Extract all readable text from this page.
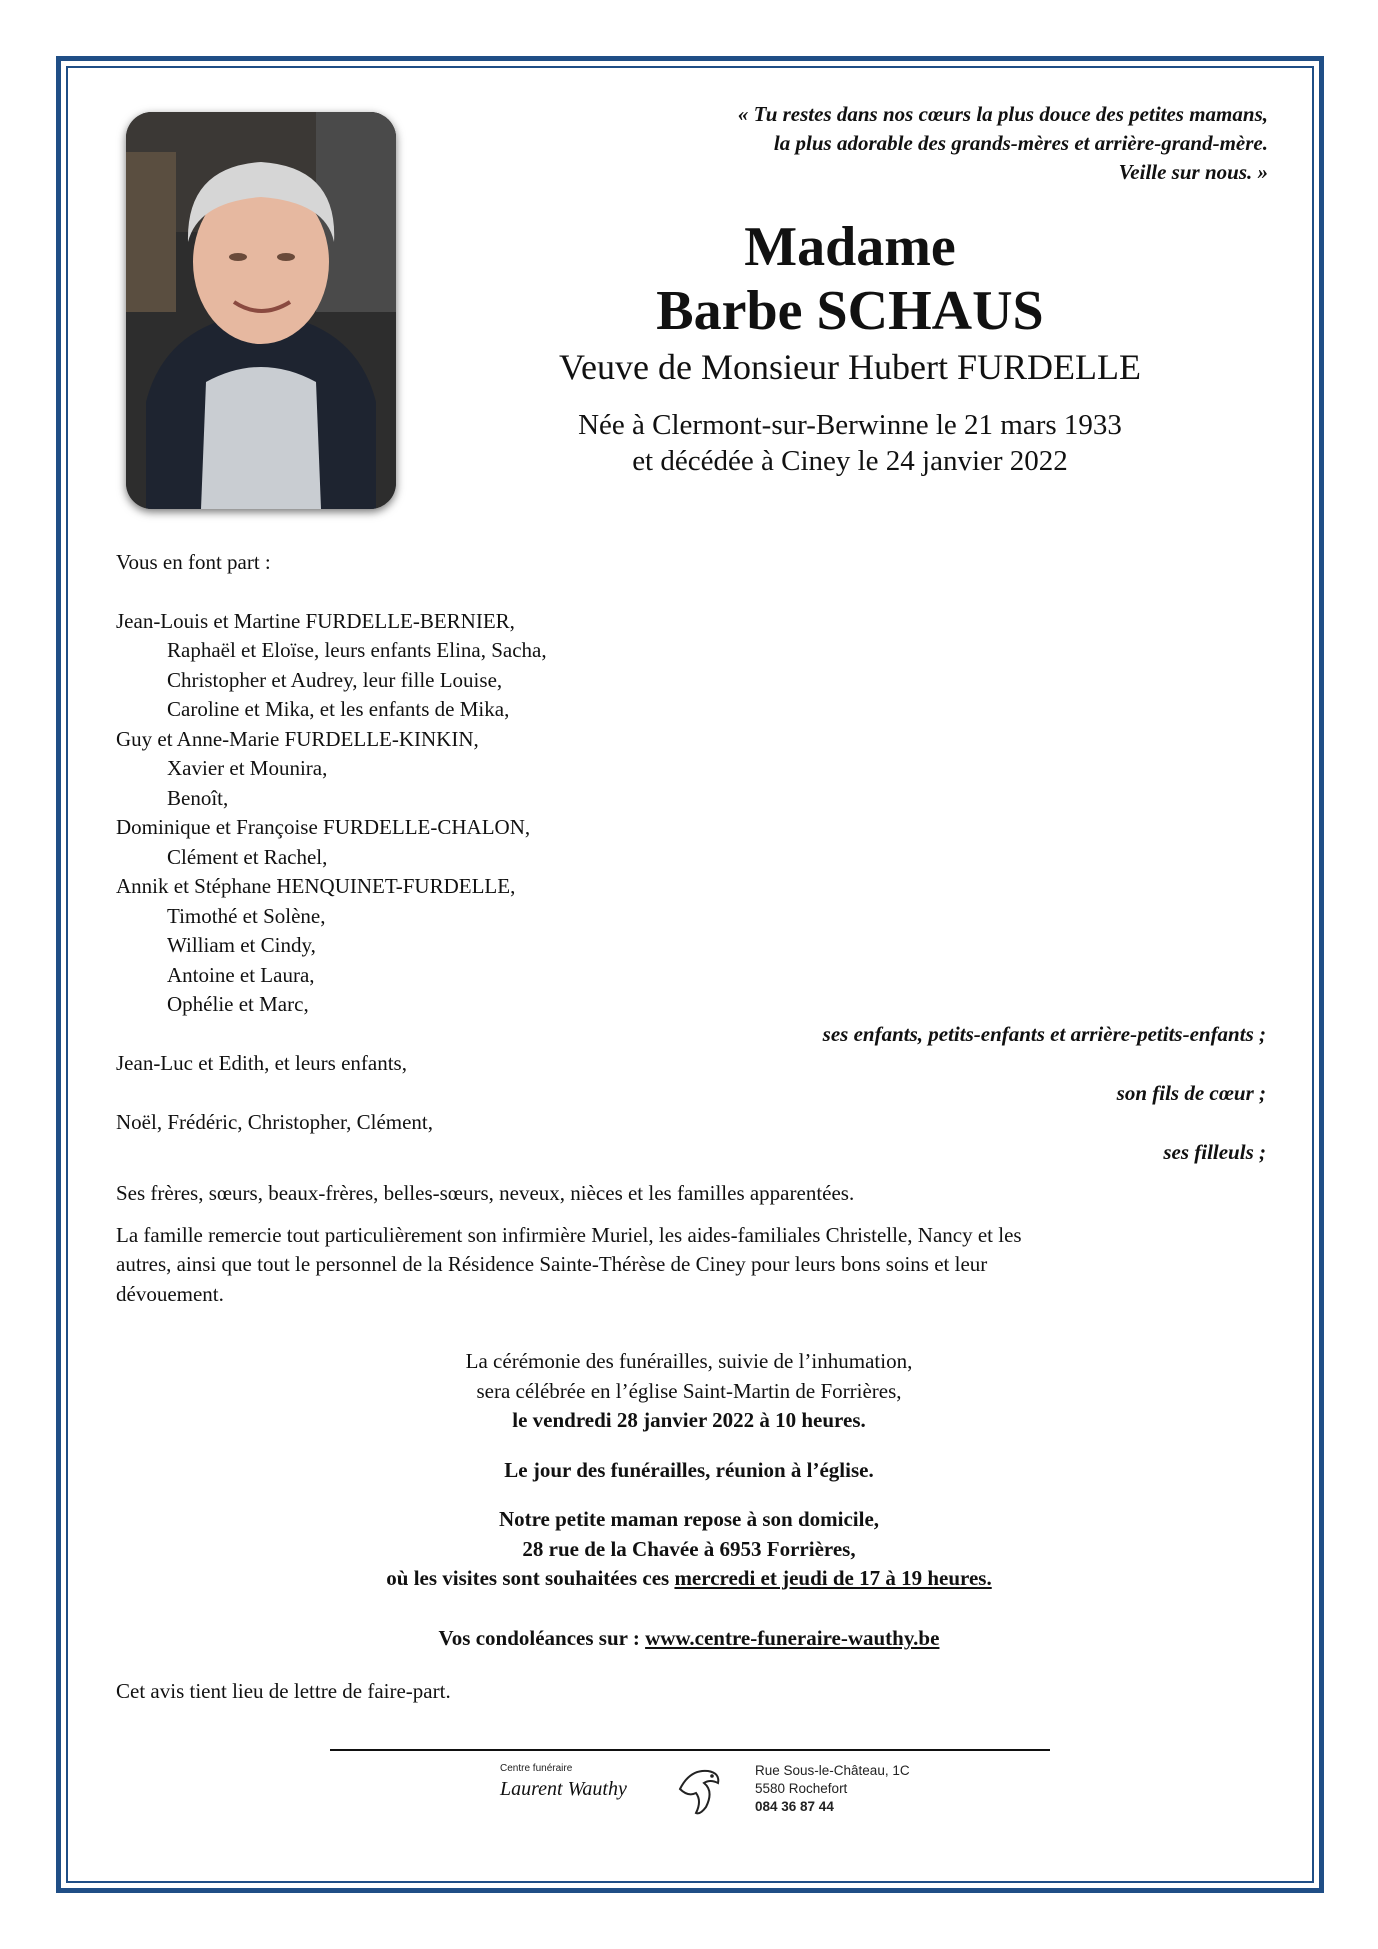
« Tu restes dans nos cœurs la plus douce des petites mamans,
la plus adorable des grands-mères et arrière-grand-mère.
Veille sur nous. »
Madame
Barbe SCHAUS
Veuve de Monsieur Hubert FURDELLE
Née à Clermont-sur-Berwinne le 21 mars 1933
et décédée à Ciney le 24 janvier 2022
Vous en font part :
Jean-Louis et Martine FURDELLE-BERNIER,
Raphaël et Eloïse, leurs enfants Elina, Sacha,
Christopher et Audrey, leur fille Louise,
Caroline et Mika, et les enfants de Mika,
Guy et Anne-Marie FURDELLE-KINKIN,
Xavier et Mounira,
Benoît,
Dominique et Françoise FURDELLE-CHALON,
Clément et Rachel,
Annik et Stéphane HENQUINET-FURDELLE,
Timothé et Solène,
William et Cindy,
Antoine et Laura,
Ophélie et Marc,
ses enfants, petits-enfants et arrière-petits-enfants ;
Jean-Luc et Edith, et leurs enfants,
son fils de cœur ;
Noël, Frédéric, Christopher, Clément,
ses filleuls ;
Ses frères, sœurs, beaux-frères, belles-sœurs, neveux, nièces et les familles apparentées.
La famille remercie tout particulièrement son infirmière Muriel, les aides-familiales Christelle, Nancy et les
autres, ainsi que tout le personnel de la Résidence Sainte-Thérèse de Ciney pour leurs bons soins et leur
dévouement.
La cérémonie des funérailles, suivie de l’inhumation,
sera célébrée en l’église Saint-Martin de Forrières,
le vendredi 28 janvier 2022 à 10 heures.
Le jour des funérailles, réunion à l’église.
Notre petite maman repose à son domicile,
28 rue de la Chavée à 6953 Forrières,
où les visites sont souhaitées ces mercredi et jeudi de 17 à 19 heures.
Vos condoléances sur : www.centre-funeraire-wauthy.be
Cet avis tient lieu de lettre de faire-part.
Centre funéraire
Laurent Wauthy
Rue Sous-le-Château, 1C
5580 Rochefort
084 36 87 44
